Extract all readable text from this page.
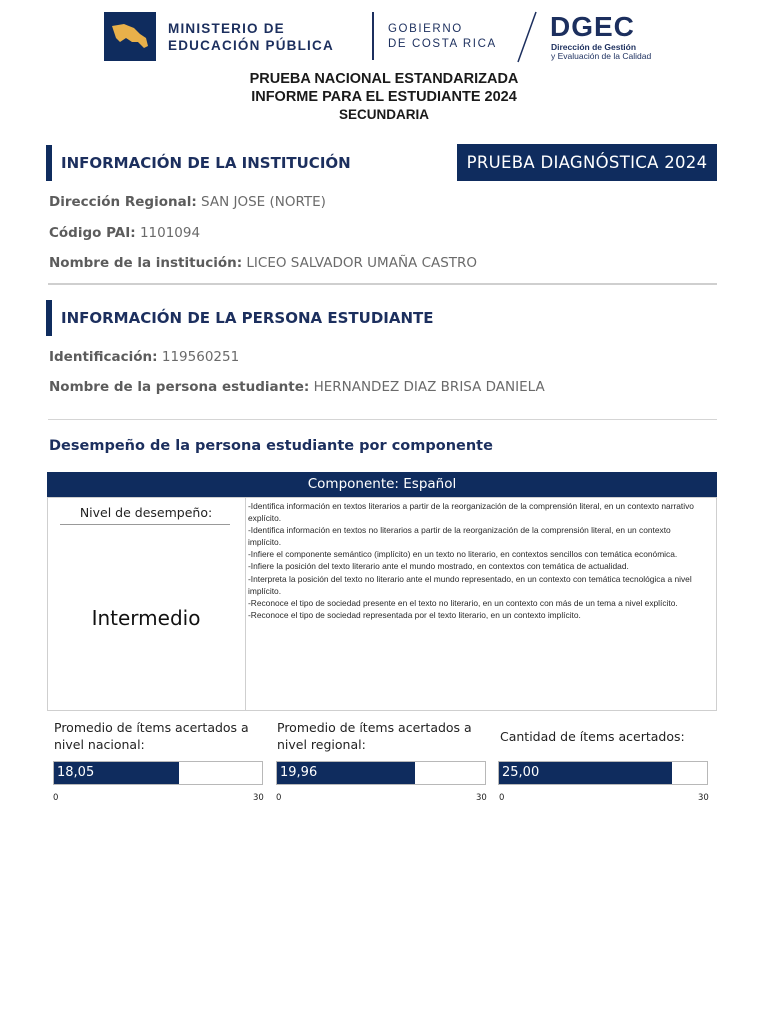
MINISTERIO DE
EDUCACIÓN PÚBLICA
GOBIERNO
DE COSTA RICA
DGEC
Dirección de Gestión
y Evaluación de la Calidad
PRUEBA NACIONAL ESTANDARIZADA
INFORME PARA EL ESTUDIANTE 2024
SECUNDARIA
INFORMACIÓN DE LA INSTITUCIÓN	PRUEBA DIAGNÓSTICA 2024
Dirección Regional: SAN JOSE (NORTE)
Código PAI: 1101094
Nombre de la institución: LICEO SALVADOR UMAÑA CASTRO
INFORMACIÓN DE LA PERSONA ESTUDIANTE
Identificación: 119560251
Nombre de la persona estudiante: HERNANDEZ DIAZ BRISA DANIELA
Desempeño de la persona estudiante por componente
Componente: Español
Nivel de desempeño:
Intermedio
-Identifica información en textos literarios a partir de la reorganización de la comprensión literal, en un contexto narrativo explícito.
-Identifica información en textos no literarios a partir de la reorganización de la comprensión literal, en un contexto implícito.
-Infiere el componente semántico (implícito) en un texto no literario, en contextos sencillos con temática económica.
-Infiere la posición del texto literario ante el mundo mostrado, en contextos con temática de actualidad.
-Interpreta la posición del texto no literario ante el mundo representado, en un contexto con temática tecnológica a nivel implícito.
-Reconoce el tipo de sociedad presente en el texto no literario, en un contexto con más de un tema a nivel explícito.
-Reconoce el tipo de sociedad representada por el texto literario, en un contexto implícito.
Promedio de ítems acertados a nivel nacional:
Promedio de ítems acertados a nivel regional:
Cantidad de ítems acertados:
18,05	19,96	25,00
0	30 0	30 0	30
